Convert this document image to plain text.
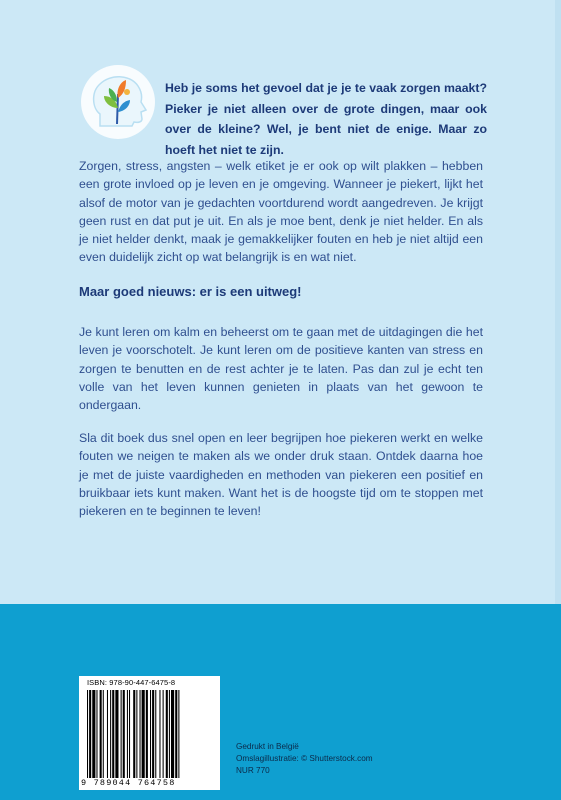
Heb je soms het gevoel dat je je te vaak zorgen maakt? Pieker je niet alleen over de grote dingen, maar ook over de kleine? Wel, je bent niet de enige. Maar zo hoeft het niet te zijn.

Zorgen, stress, angsten – welk etiket je er ook op wilt plakken – hebben een grote invloed op je leven en je omgeving. Wanneer je piekert, lijkt het alsof de motor van je gedachten voortdurend wordt aangedreven. Je krijgt geen rust en dat put je uit. En als je moe bent, denk je niet helder. En als je niet helder denkt, maak je gemakkelijker fouten en heb je niet altijd een even duidelijk zicht op wat belangrijk is en wat niet.

Maar goed nieuws: er is een uitweg!

Je kunt leren om kalm en beheerst om te gaan met de uitdagingen die het leven je voorschotelt. Je kunt leren om de positieve kanten van stress en zorgen te benutten en de rest achter je te laten. Pas dan zul je echt ten volle van het leven kunnen genieten in plaats van het gewoon te ondergaan.

Sla dit boek dus snel open en leer begrijpen hoe piekeren werkt en welke fouten we neigen te maken als we onder druk staan. Ontdek daarna hoe je met de juiste vaardigheden en methoden van piekeren een positief en bruikbaar iets kunt maken. Want het is de hoogste tijd om te stoppen met piekeren en te beginnen te leven!

ISBN: 978-90-447-6475-8
9 789044 764758
Gedrukt in België
Omslagillustratie: © Shutterstock.com
NUR 770
